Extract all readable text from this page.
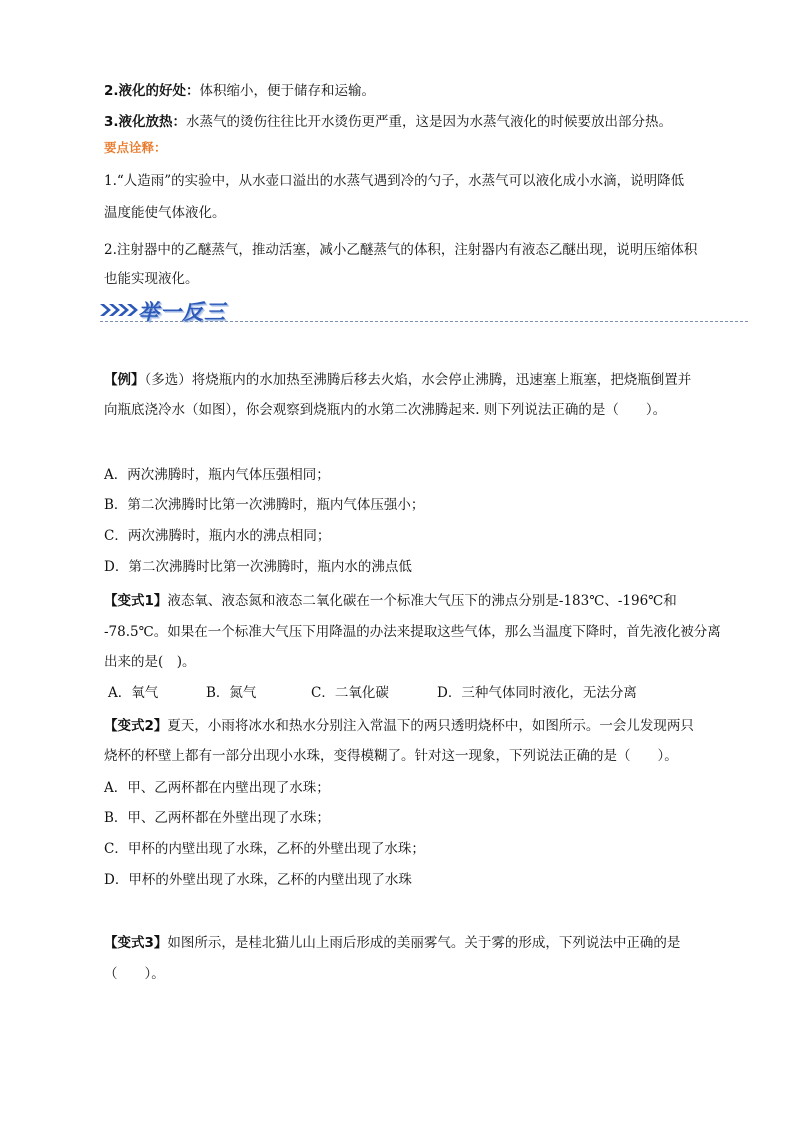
2.液化的好处：体积缩小，便于储存和运输。
3.液化放热：水蒸气的烫伤往往比开水烫伤更严重，这是因为水蒸气液化的时候要放出部分热。
要点诠释：
1.“人造雨”的实验中，从水壶口溢出的水蒸气遇到冷的勺子，水蒸气可以液化成小水滴，说明降低
温度能使气体液化。
2.注射器中的乙醚蒸气，推动活塞，减小乙醚蒸气的体积，注射器内有液态乙醚出现，说明压缩体积
也能实现液化。
举一反三
【例】（多选）将烧瓶内的水加热至沸腾后移去火焰，水会停止沸腾，迅速塞上瓶塞，把烧瓶倒置并
向瓶底浇冷水（如图），你会观察到烧瓶内的水第二次沸腾起来. 则下列说法正确的是（　　）。
A．两次沸腾时，瓶内气体压强相同；
B．第二次沸腾时比第一次沸腾时，瓶内气体压强小；
C．两次沸腾时，瓶内水的沸点相同；
D．第二次沸腾时比第一次沸腾时，瓶内水的沸点低
【变式1】液态氧、液态氮和液态二氧化碳在一个标准大气压下的沸点分别是-183℃、-196℃和
-78.5℃。如果在一个标准大气压下用降温的办法来提取这些气体，那么当温度下降时，首先液化被分离
出来的是(　)。
A．氧气	B．氮气	C．二氧化碳	D．三种气体同时液化，无法分离
【变式2】夏天，小雨将冰水和热水分别注入常温下的两只透明烧杯中，如图所示。一会儿发现两只
烧杯的杯壁上都有一部分出现小水珠，变得模糊了。针对这一现象，下列说法正确的是（　　）。
A．甲、乙两杯都在内壁出现了水珠；
B．甲、乙两杯都在外壁出现了水珠；
C．甲杯的内壁出现了水珠，乙杯的外壁出现了水珠；
D．甲杯的外壁出现了水珠，乙杯的内壁出现了水珠
【变式3】如图所示，是桂北猫儿山上雨后形成的美丽雾气。关于雾的形成，下列说法中正确的是
（　　）。
